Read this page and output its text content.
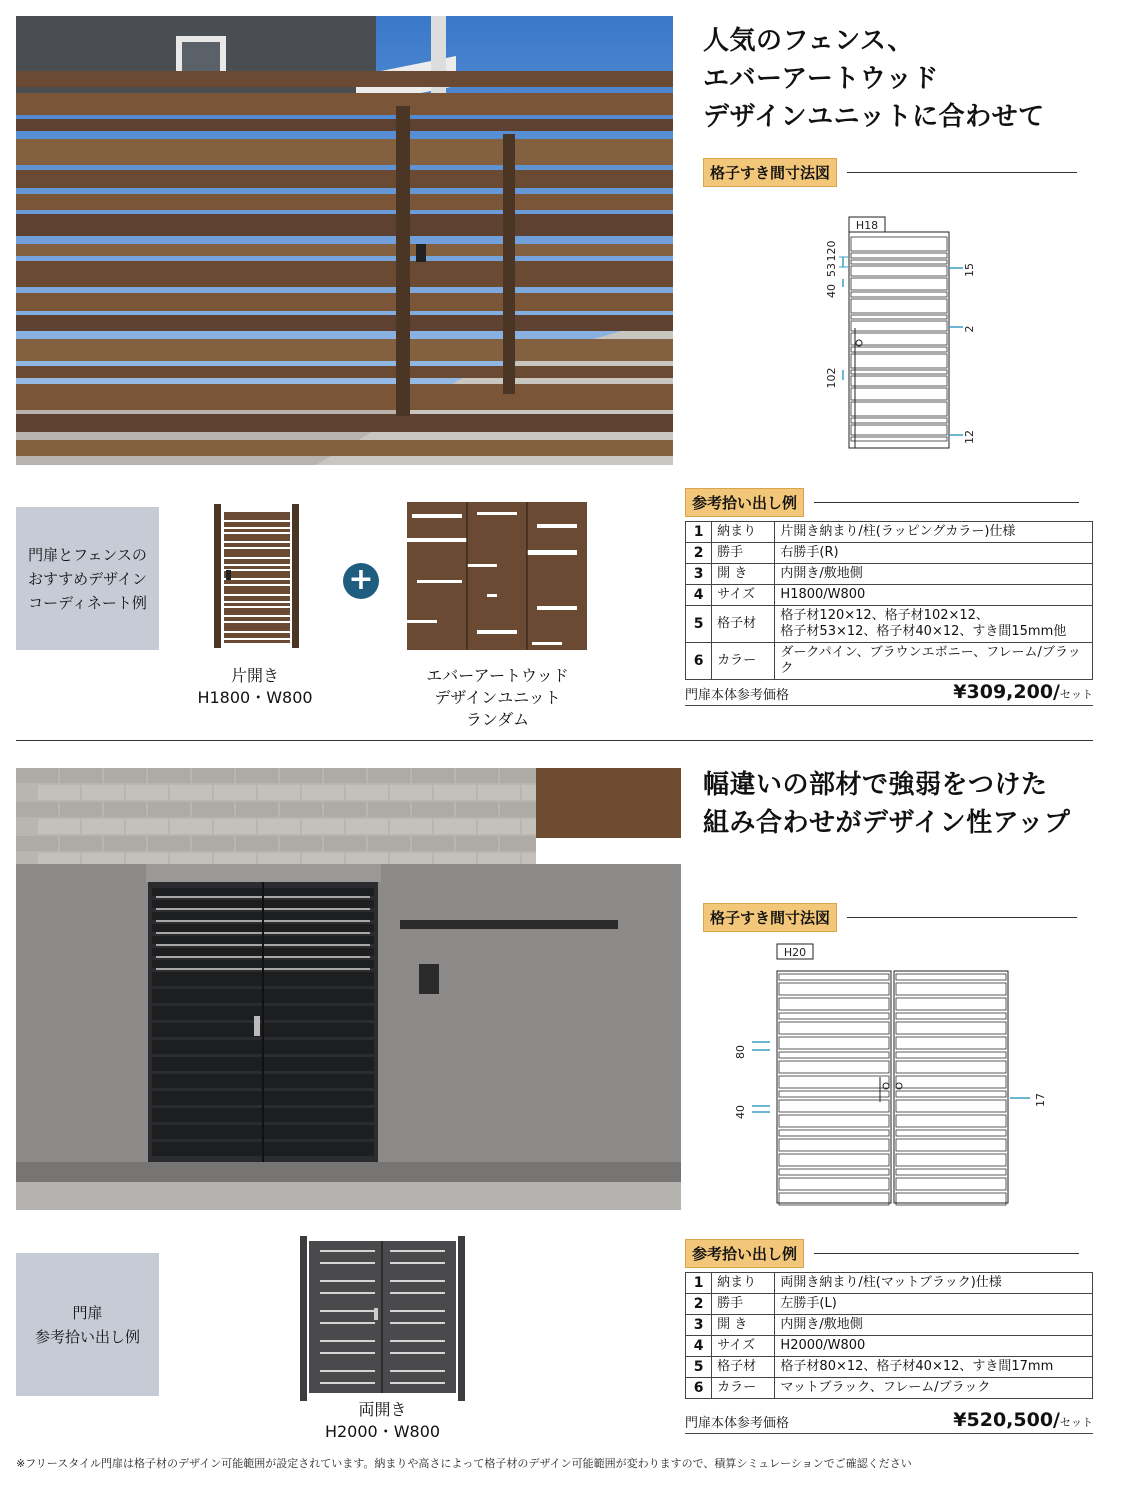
人気のフェンス、
エバーアートウッド
デザインユニットに合わせて
格子すき間寸法図
H18
120
53
40
102
15
2
12
門扉とフェンスの
おすすめデザイン
コーディネート例
+
片開き
H1800・W800
エバーアートウッド
デザインユニット
ランダム
参考拾い出し例
1	納まり	片開き納まり/柱(ラッピングカラー)仕様
2	勝手	右勝手(R)
3	開 き	内開き/敷地側
4	サイズ	H1800/W800
5	格子材	格子材120×12、格子材102×12、
格子材53×12、格子材40×12、すき間15mm他

6	カラー	ダークパイン、ブラウンエボニー、フレーム/ブラック
門扉本体参考価格	¥309,200/セット
幅違いの部材で強弱をつけた
組み合わせがデザイン性アップ
格子すき間寸法図
H20
80
40
17
門扉
参考拾い出し例
両開き
H2000・W800
参考拾い出し例
1	納まり	両開き納まり/柱(マットブラック)仕様
2	勝手	左勝手(L)
3	開 き	内開き/敷地側
4	サイズ	H2000/W800
5	格子材	格子材80×12、格子材40×12、すき間17mm
6	カラー	マットブラック、フレーム/ブラック
門扉本体参考価格	¥520,500/セット
※フリースタイル門扉は格子材のデザイン可能範囲が設定されています。納まりや高さによって格子材のデザイン可能範囲が変わりますので、積算シミュレーションでご確認ください
